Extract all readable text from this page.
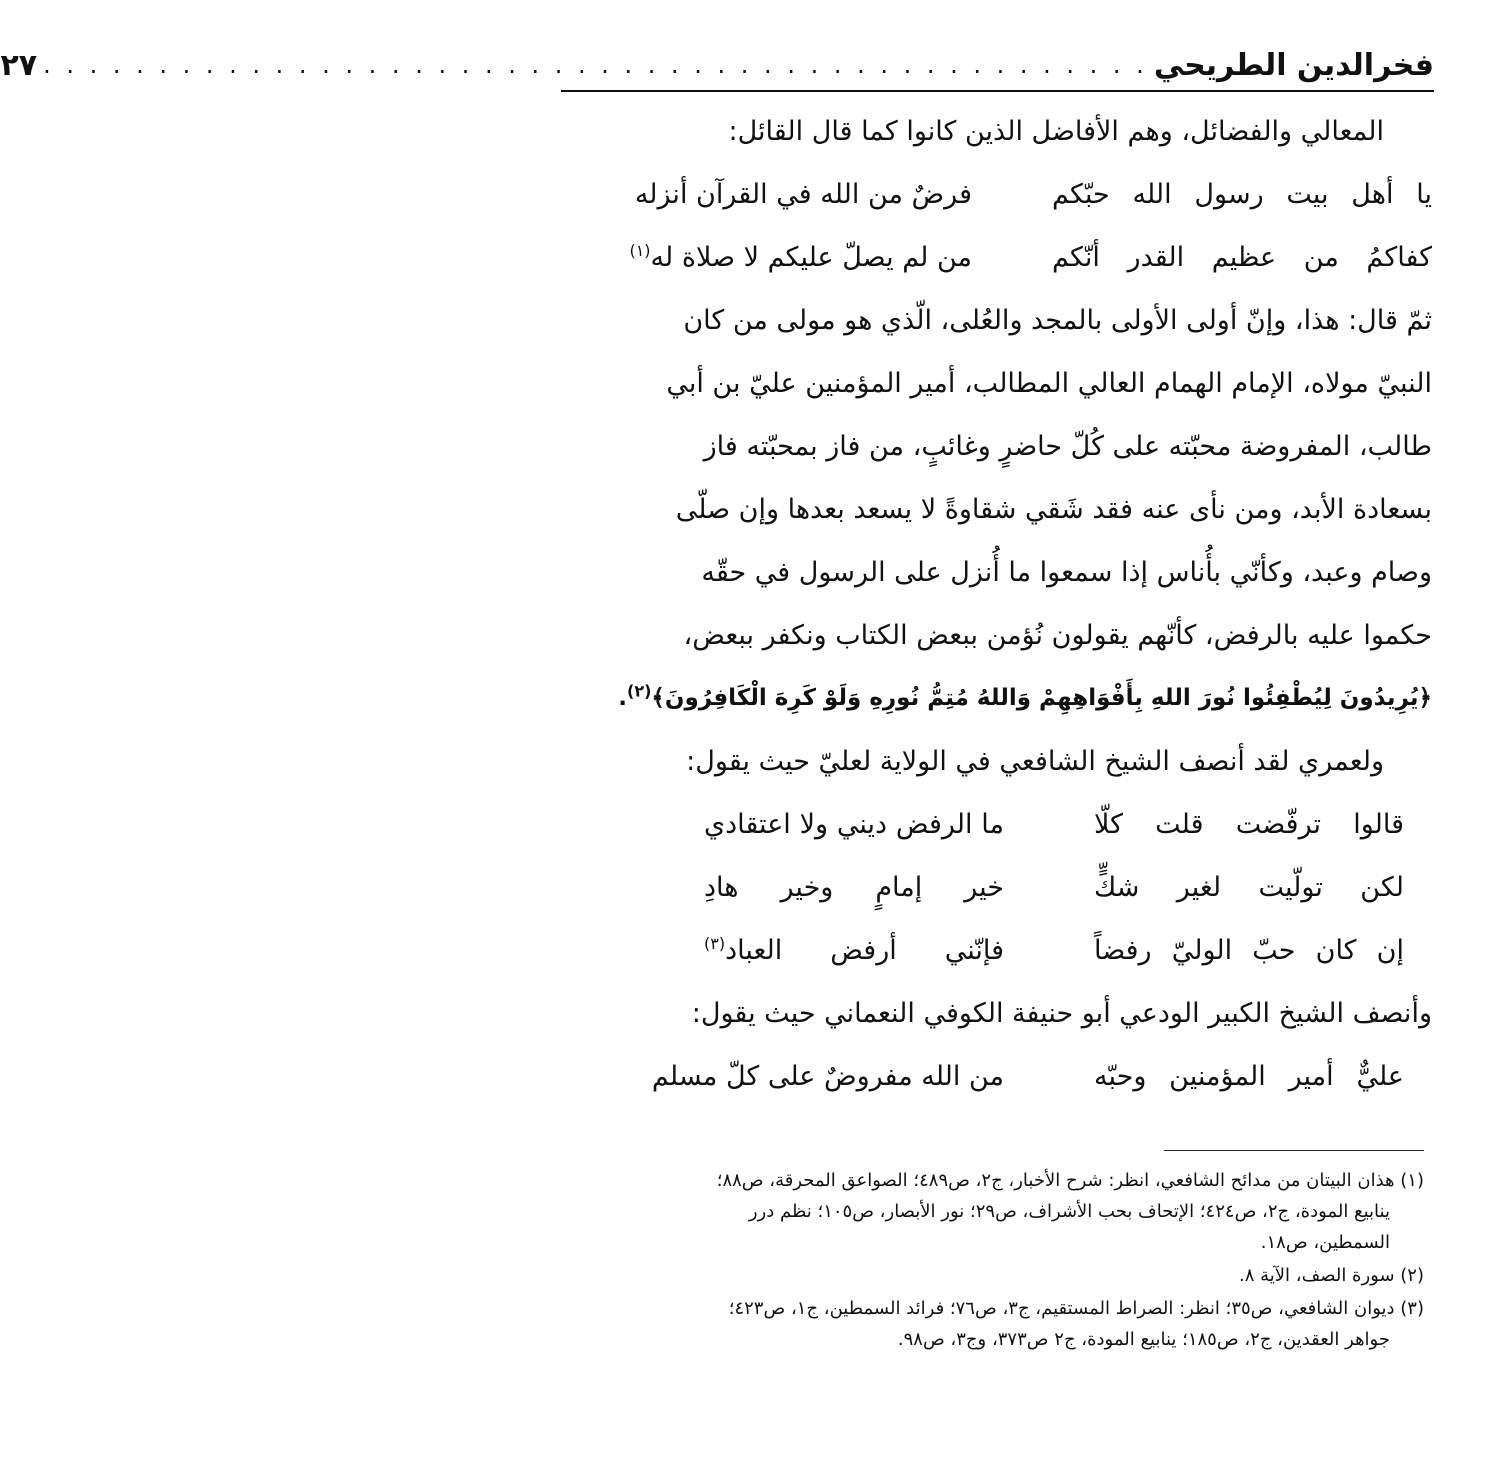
فخرالدين الطريحي
. . . . . . . . . . . . . . . . . . . . . . . . . . . . . . . . . . . . . . . . . . . . . . . .
٢٧

المعالي والفضائل، وهم الأفاضل الذين كانوا كما قال القائل:

يا أهل بيت رسول الله حبّكم
فرضٌ من الله في القرآن أنزله
كفاكمُ من عظيم القدر أنّكم
من لم يصلّ عليكم لا صلاة له$^{(١)}$

ثمّ قال: هذا، وإنّ أولى الأولى بالمجد والعُلى، الّذي هو مولى من كان

النبيّ مولاه، الإمام الهمام العالي المطالب، أمير المؤمنين عليّ بن أبي

طالب، المفروضة محبّته على كُلّ حاضرٍ وغائبٍ، من فاز بمحبّته فاز

بسعادة الأبد، ومن نأى عنه فقد شَقي شقاوةً لا يسعد بعدها وإن صلّى

وصام وعبد، وكأنّي بأُناس إذا سمعوا ما أُنزل على الرسول في حقّه

حكموا عليه بالرفض، كأنّهم يقولون نُؤمن ببعض الكتاب ونكفر ببعض،

﴿يُرِيدُونَ لِيُطْفِئُوا نُورَ اللهِ بِأَفْوَاهِهِمْ وَاللهُ مُتِمُّ نُورِهِ وَلَوْ كَرِهَ الْكَافِرُونَ﴾$^{(٢)}$.

ولعمري لقد أنصف الشيخ الشافعي في الولاية لعليّ حيث يقول:

قالوا ترفّضت قلت كلّا
ما الرفض ديني ولا اعتقادي
لكن تولّيت لغير شكٍّ
خير إمامٍ وخير هادِ
إن كان حبّ الوليّ رفضاً
فإنّني أرفض العباد$^{(٣)}$

وأنصف الشيخ الكبير الودعي أبو حنيفة الكوفي النعماني حيث يقول:

عليٌّ أمير المؤمنين وحبّه
من الله مفروضٌ على كلّ مسلم

(١) هذان البيتان من مدائح الشافعي، انظر: شرح الأخبار، ج٢، ص٤٨٩؛ الصواعق المحرقة، ص٨٨؛
ينابيع المودة، ج٢، ص٤٢٤؛ الإتحاف بحب الأشراف، ص٢٩؛ نور الأبصار، ص١٠٥؛ نظم درر
السمطين، ص١٨.

(٢) سورة الصف، الآية ٨.

(٣) ديوان الشافعي، ص٣٥؛ انظر: الصراط المستقيم، ج٣، ص٧٦؛ فرائد السمطين، ج١، ص٤٢٣؛
جواهر العقدين، ج٢، ص١٨٥؛ ينابيع المودة، ج٢ ص٣٧٣، وج٣، ص٩٨.
